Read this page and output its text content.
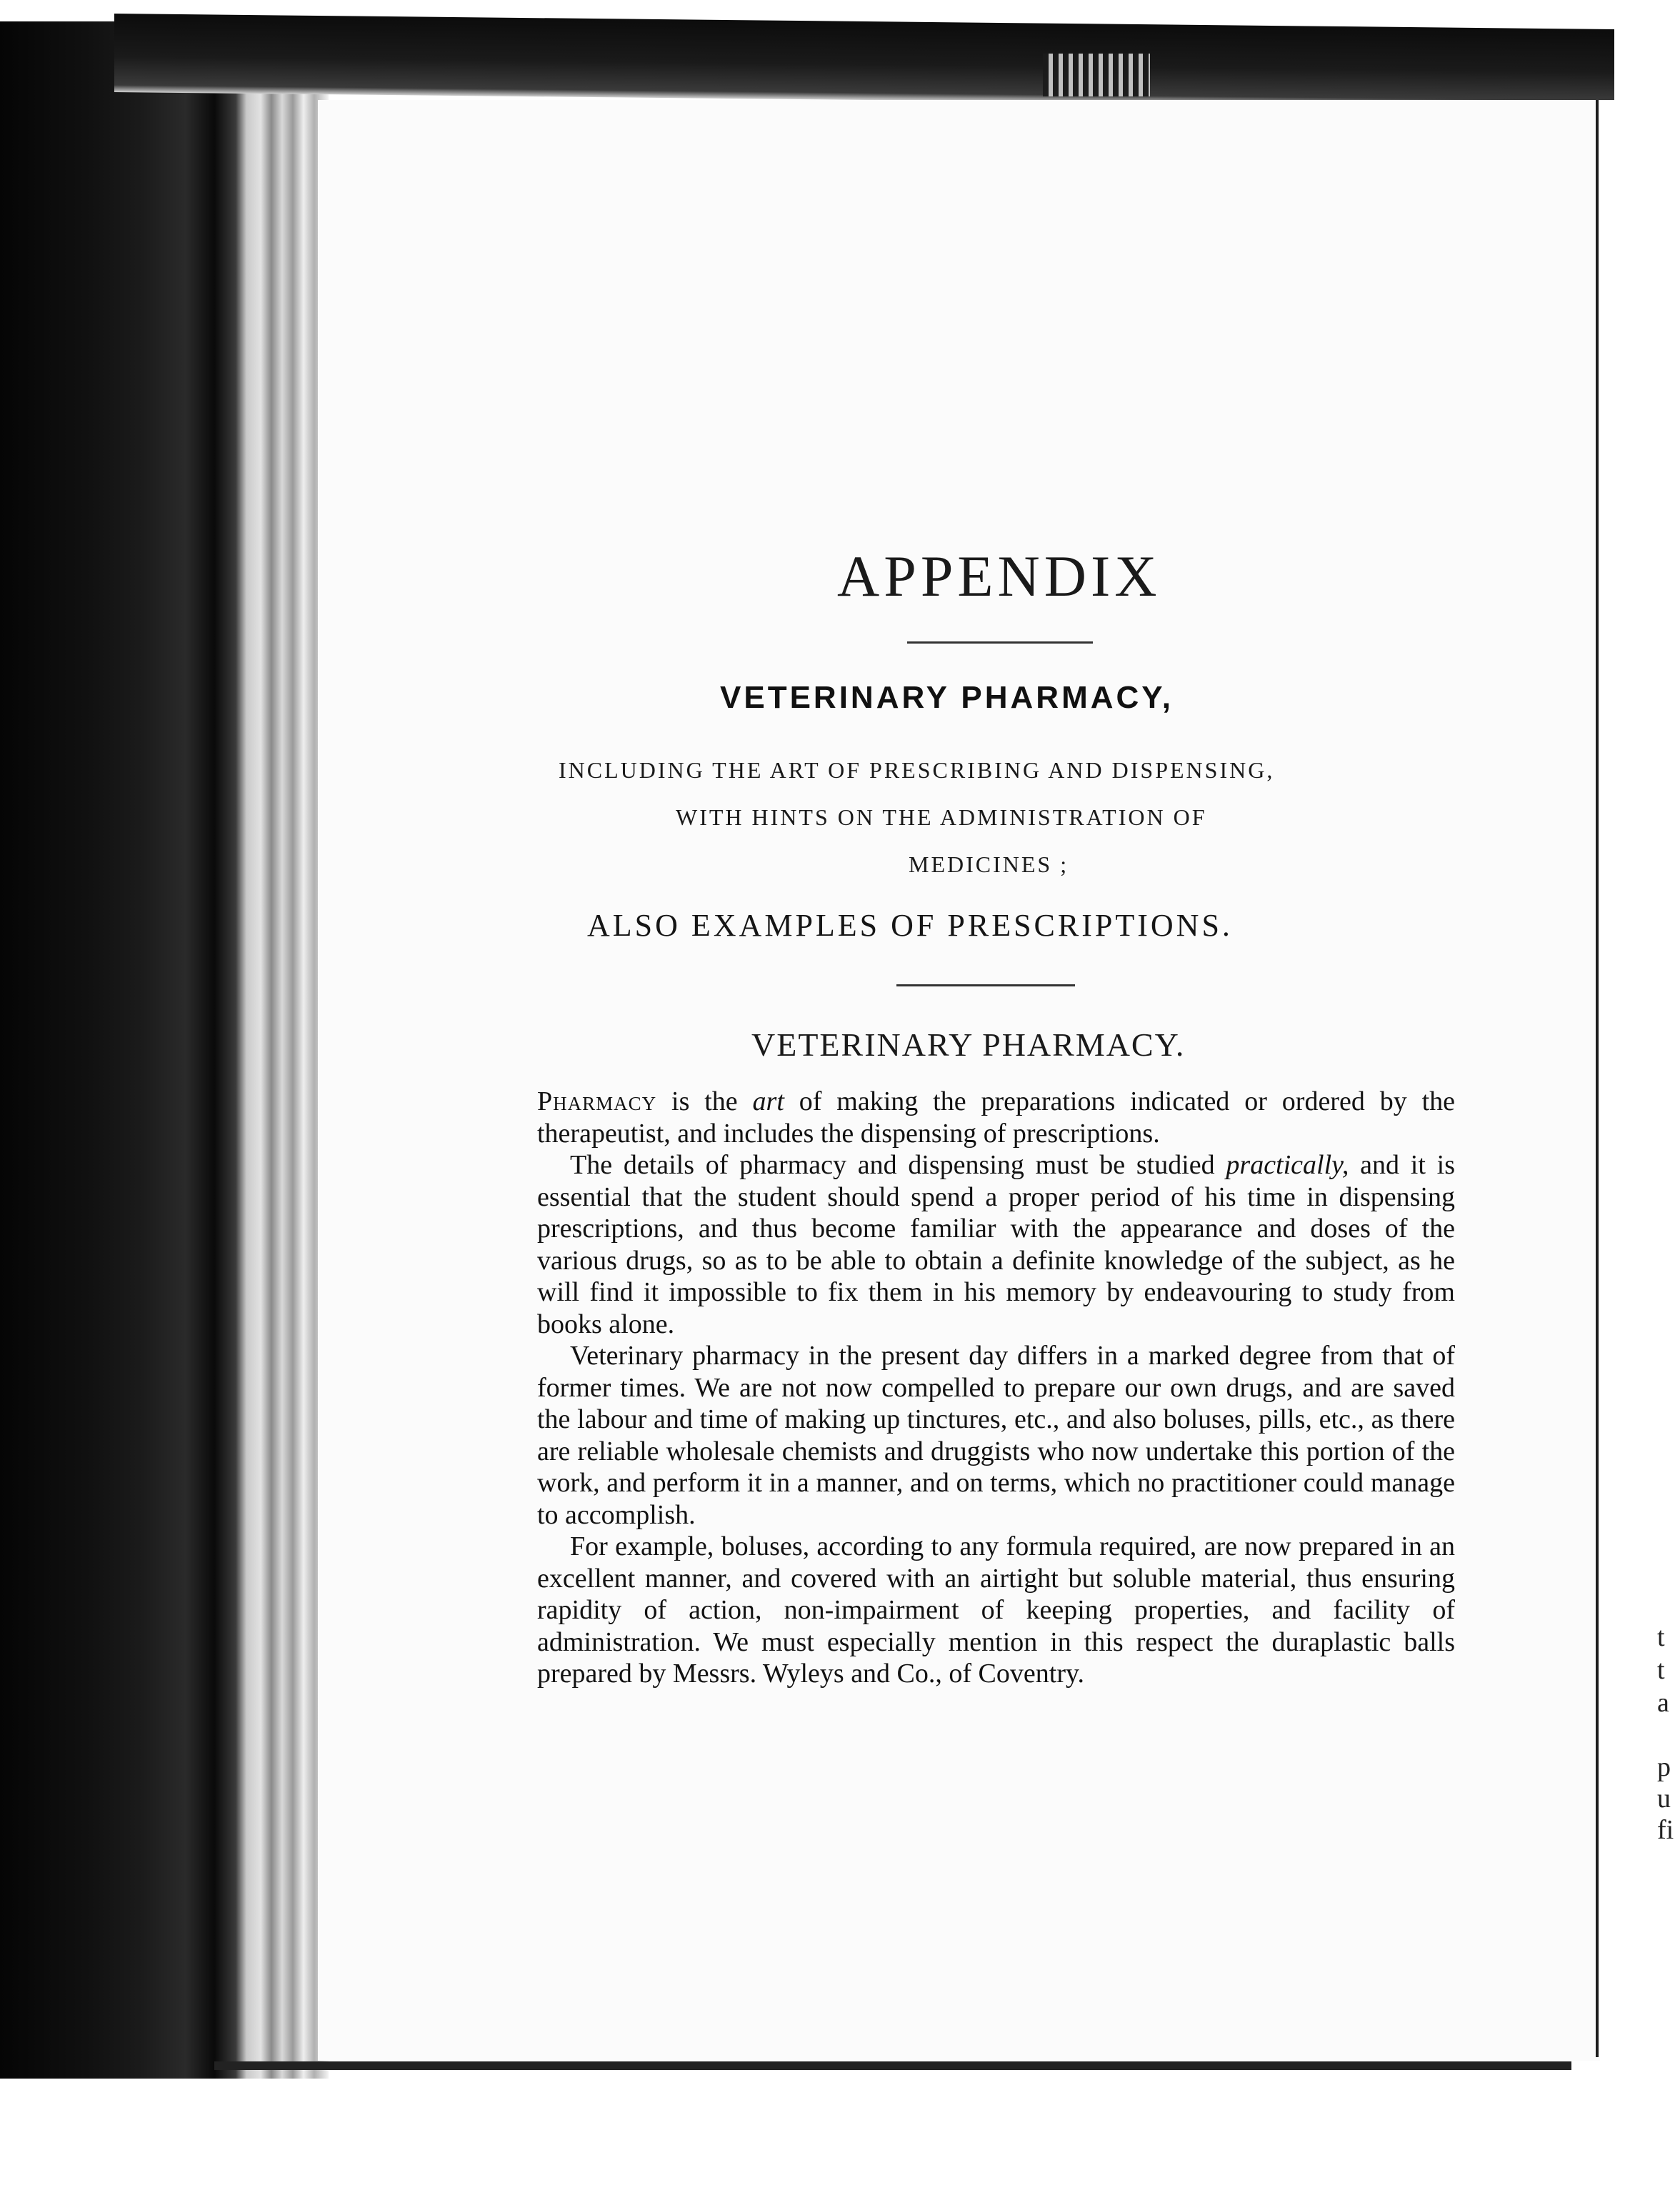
t
t
a
p
u
fi
APPENDIX
VETERINARY PHARMACY,
INCLUDING THE ART OF PRESCRIBING AND DISPENSING,
WITH HINTS ON THE ADMINISTRATION OF
MEDICINES ;
ALSO EXAMPLES OF PRESCRIPTIONS.
VETERINARY PHARMACY.

Pharmacy is the art of making the preparations indicated or ordered by the therapeutist, and includes the dispensing of prescriptions.

The details of pharmacy and dispensing must be studied practically, and it is essential that the student should spend a proper period of his time in dispensing prescriptions, and thus become familiar with the appearance and doses of the various drugs, so as to be able to obtain a definite knowledge of the subject, as he will find it impossible to fix them in his memory by endeavouring to study from books alone.

Veterinary pharmacy in the present day differs in a marked degree from that of former times. We are not now compelled to prepare our own drugs, and are saved the labour and time of making up tinctures, etc., and also boluses, pills, etc., as there are reliable wholesale chemists and druggists who now undertake this portion of the work, and perform it in a manner, and on terms, which no practitioner could manage to accomplish.

For example, boluses, according to any formula required, are now prepared in an excellent manner, and covered with an airtight but soluble material, thus ensuring rapidity of action, non-impairment of keeping properties, and facility of administration. We must especially mention in this respect the duraplastic balls prepared by Messrs. Wyleys and Co., of Coventry.
